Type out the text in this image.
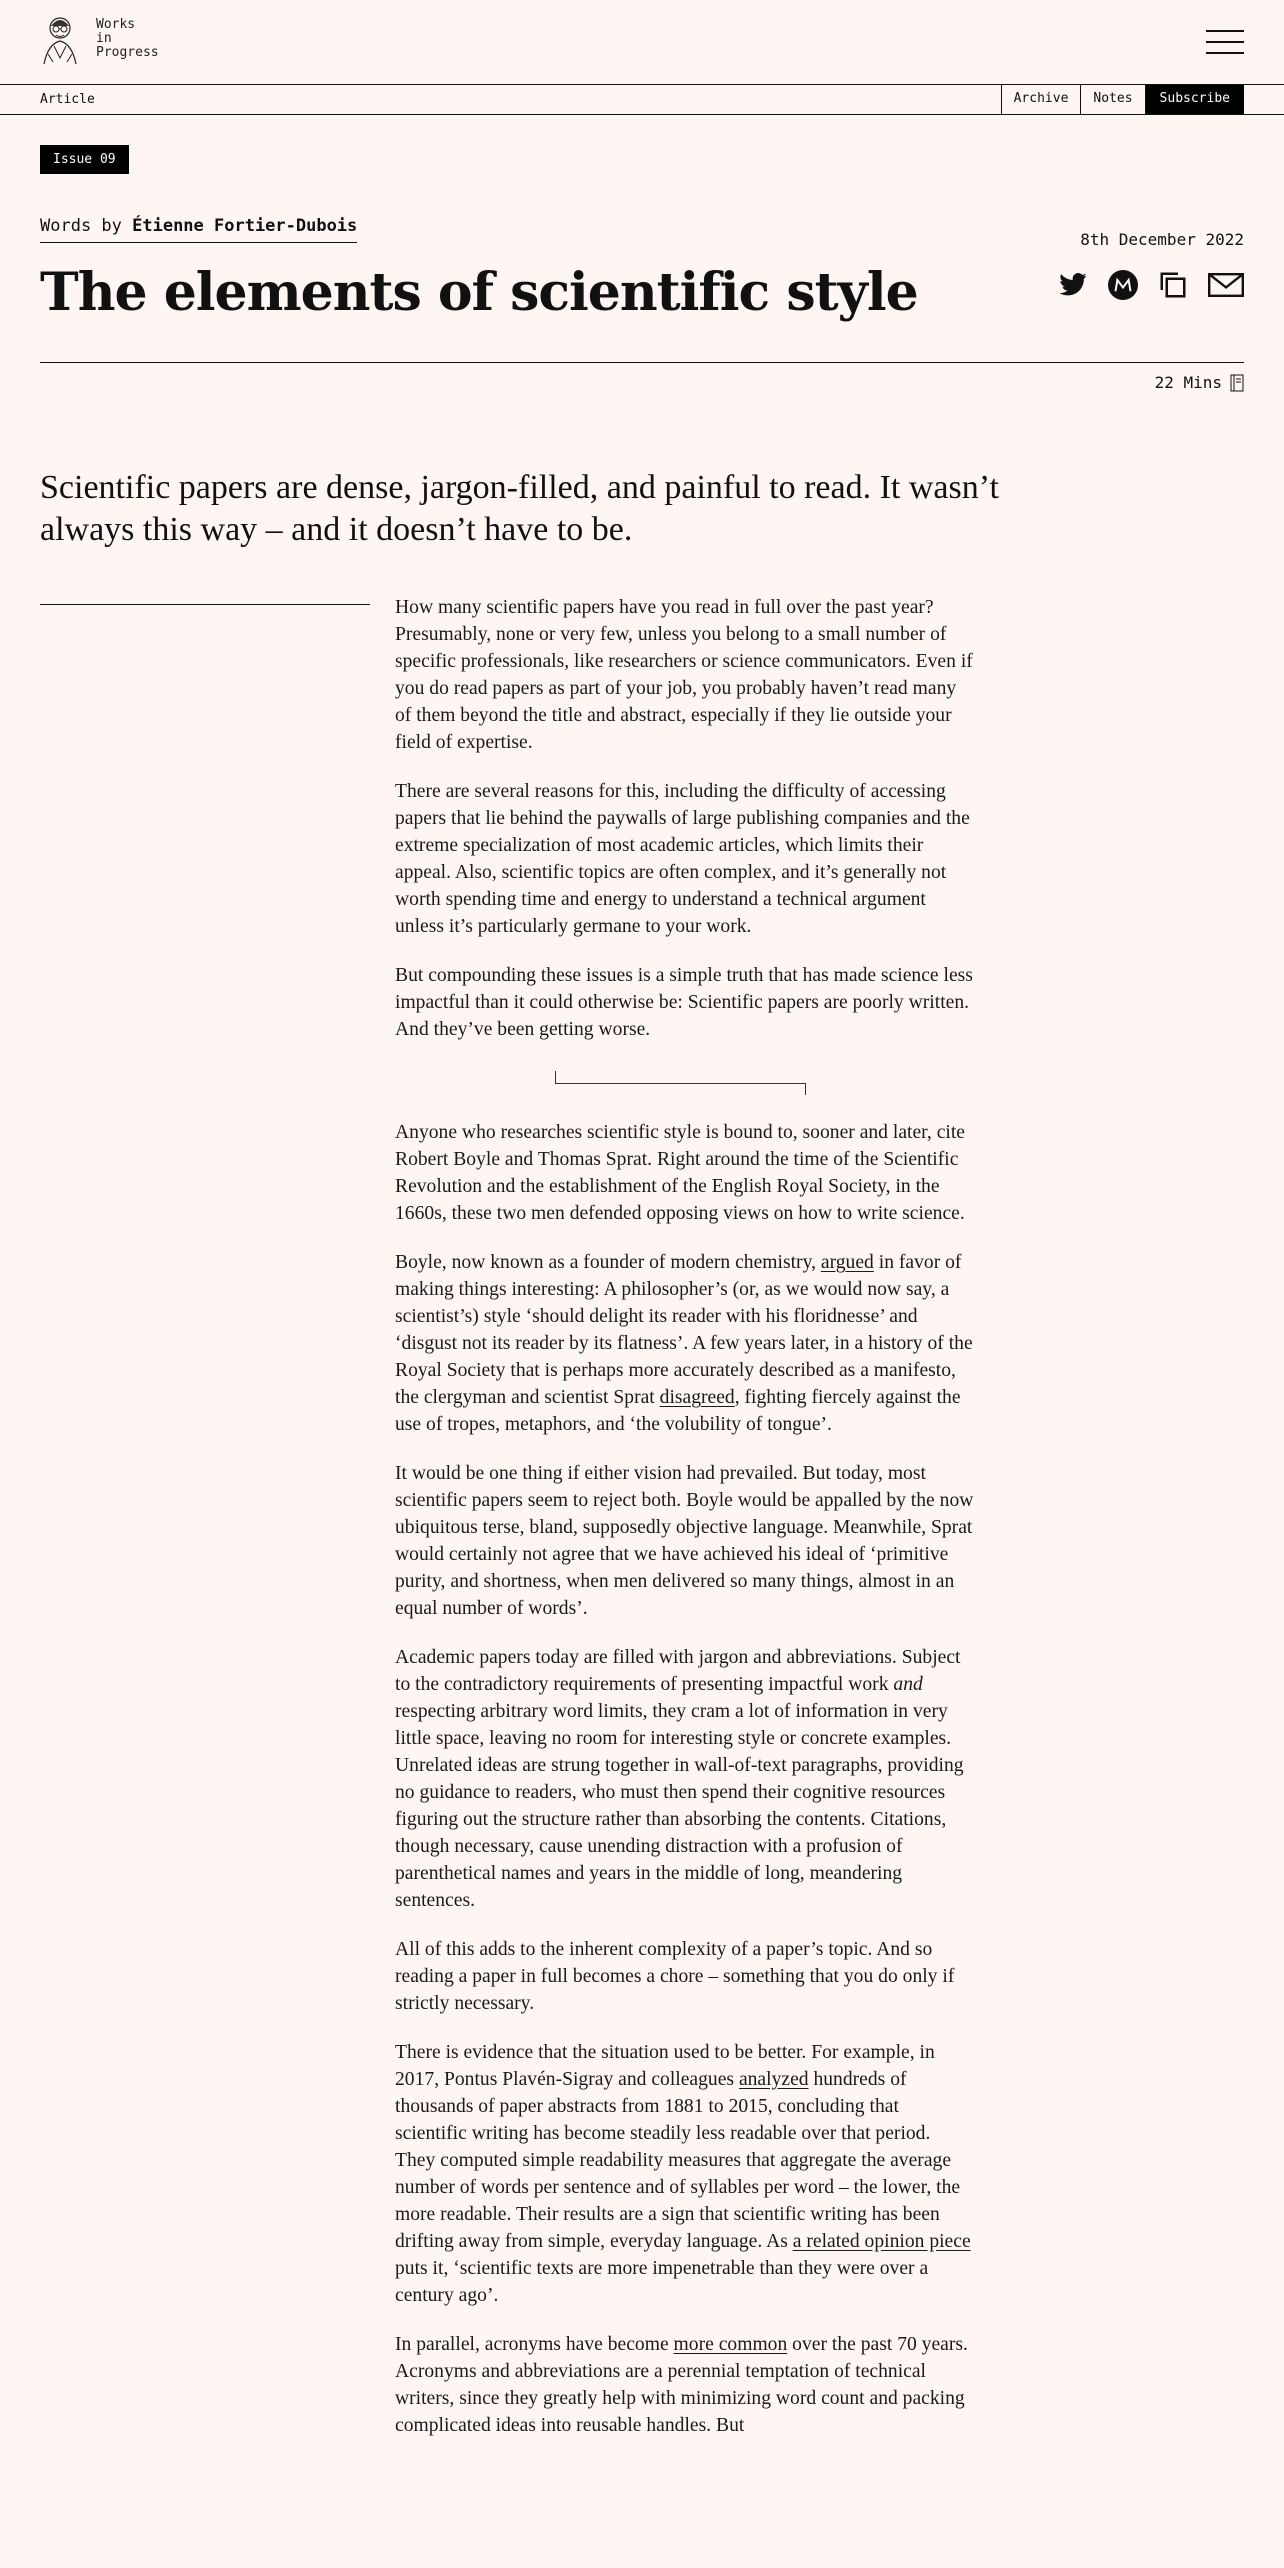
Works
in
Progress
Article	Archive	Notes	Subscribe
Issue 09
Words by Étienne Fortier-Dubois
8th December 2022
The elements of scientific style
22 Mins

Scientific papers are dense, jargon-filled, and painful to read. It wasn’t always this way – and it doesn’t have to be.

How many scientific papers have you read in full over the past year? Presumably, none or very few, unless you belong to a small number of specific professionals, like researchers or science communicators. Even if you do read papers as part of your job, you probably haven’t read many of them beyond the title and abstract, especially if they lie outside your field of expertise.

There are several reasons for this, including the difficulty of accessing papers that lie behind the paywalls of large publishing companies and the extreme specialization of most academic articles, which limits their appeal. Also, scientific topics are often complex, and it’s generally not worth spending time and energy to understand a technical argument unless it’s particularly germane to your work.

But compounding these issues is a simple truth that has made science less impactful than it could otherwise be: Scientific papers are poorly written. And they’ve been getting worse.

Anyone who researches scientific style is bound to, sooner and later, cite Robert Boyle and Thomas Sprat. Right around the time of the Scientific Revolution and the establishment of the English Royal Society, in the 1660s, these two men defended opposing views on how to write science.

Boyle, now known as a founder of modern chemistry, argued in favor of making things interesting: A philosopher’s (or, as we would now say, a scientist’s) style ‘should delight its reader with his floridnesse’ and ‘disgust not its reader by its flatness’. A few years later, in a history of the Royal Society that is perhaps more accurately described as a manifesto, the clergyman and scientist Sprat disagreed, fighting fiercely against the use of tropes, metaphors, and ‘the volubility of tongue’.

It would be one thing if either vision had prevailed. But today, most scientific papers seem to reject both. Boyle would be appalled by the now ubiquitous terse, bland, supposedly objective language. Meanwhile, Sprat would certainly not agree that we have achieved his ideal of ‘primitive purity, and shortness, when men delivered so many things, almost in an equal number of words’.

Academic papers today are filled with jargon and abbreviations. Subject to the contradictory requirements of presenting impactful work and respecting arbitrary word limits, they cram a lot of information in very little space, leaving no room for interesting style or concrete examples. Unrelated ideas are strung together in wall-of-text paragraphs, providing no guidance to readers, who must then spend their cognitive resources figuring out the structure rather than absorbing the contents. Citations, though necessary, cause unending distraction with a profusion of parenthetical names and years in the middle of long, meandering sentences.

All of this adds to the inherent complexity of a paper’s topic. And so reading a paper in full becomes a chore – something that you do only if strictly necessary.

There is evidence that the situation used to be better. For example, in 2017, Pontus Plavén-Sigray and colleagues analyzed hundreds of thousands of paper abstracts from 1881 to 2015, concluding that scientific writing has become steadily less readable over that period. They computed simple readability measures that aggregate the average number of words per sentence and of syllables per word – the lower, the more readable. Their results are a sign that scientific writing has been drifting away from simple, everyday language. As a related opinion piece puts it, ‘scientific texts are more impenetrable than they were over a century ago’.

In parallel, acronyms have become more common over the past 70 years. Acronyms and abbreviations are a perennial temptation of technical writers, since they greatly help with minimizing word count and packing complicated ideas into reusable handles. But
